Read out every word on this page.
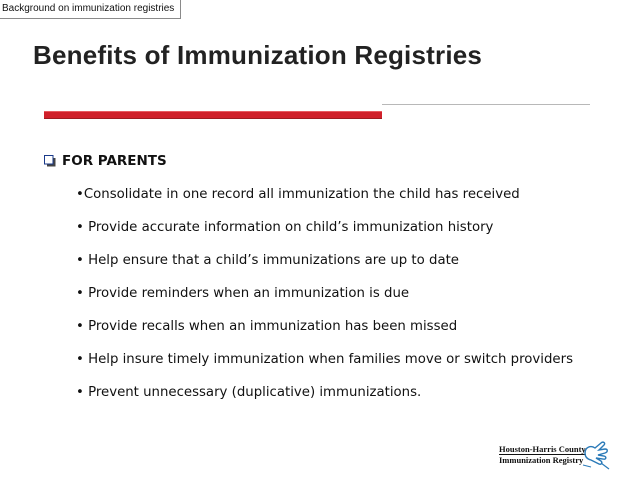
Background on immunization registries
Benefits of Immunization Registries
FOR PARENTS
•Consolidate in one record all immunization the child has received
• Provide accurate information on child’s immunization history
• Help ensure that a child’s immunizations are up to date
• Provide reminders when an immunization is due
• Provide recalls when an immunization has been missed
• Help insure timely immunization when families move or switch providers
• Prevent unnecessary (duplicative) immunizations.
Houston-Harris County
Immunization Registry
